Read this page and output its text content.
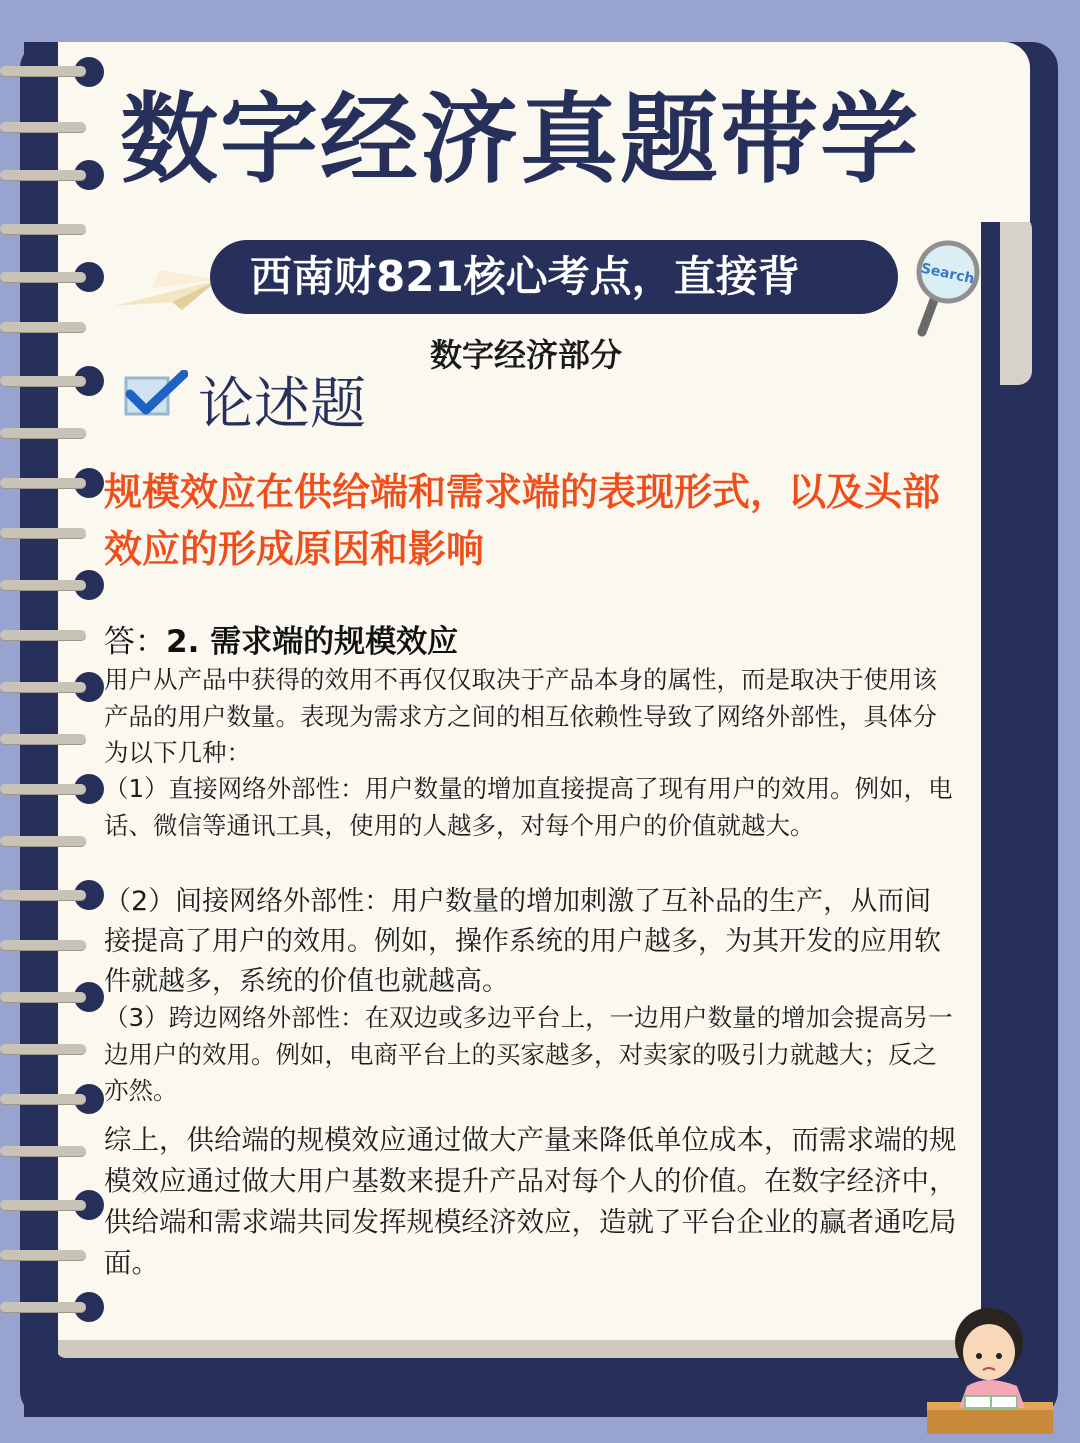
数字经济真题带学
西南财821核心考点，直接背	Search
数字经济部分
论述题
规模效应在供给端和需求端的表现形式，以及头部效应的形成原因和影响
答：2. 需求端的规模效应

用户从产品中获得的效用不再仅仅取决于产品本身的属性，而是取决于使用该产品的用户数量。表现为需求方之间的相互依赖性导致了网络外部性，具体分为以下几种：

（1）直接网络外部性：用户数量的增加直接提高了现有用户的效用。例如，电话、微信等通讯工具，使用的人越多，对每个用户的价值就越大。

（2）间接网络外部性：用户数量的增加刺激了互补品的生产，从而间接提高了用户的效用。例如，操作系统的用户越多，为其开发的应用软件就越多，系统的价值也就越高。

（3）跨边网络外部性：在双边或多边平台上，一边用户数量的增加会提高另一边用户的效用。例如，电商平台上的买家越多，对卖家的吸引力就越大；反之亦然。

综上，供给端的规模效应通过做大产量来降低单位成本，而需求端的规模效应通过做大用户基数来提升产品对每个人的价值。在数字经济中，供给端和需求端共同发挥规模经济效应，造就了平台企业的赢者通吃局面。
